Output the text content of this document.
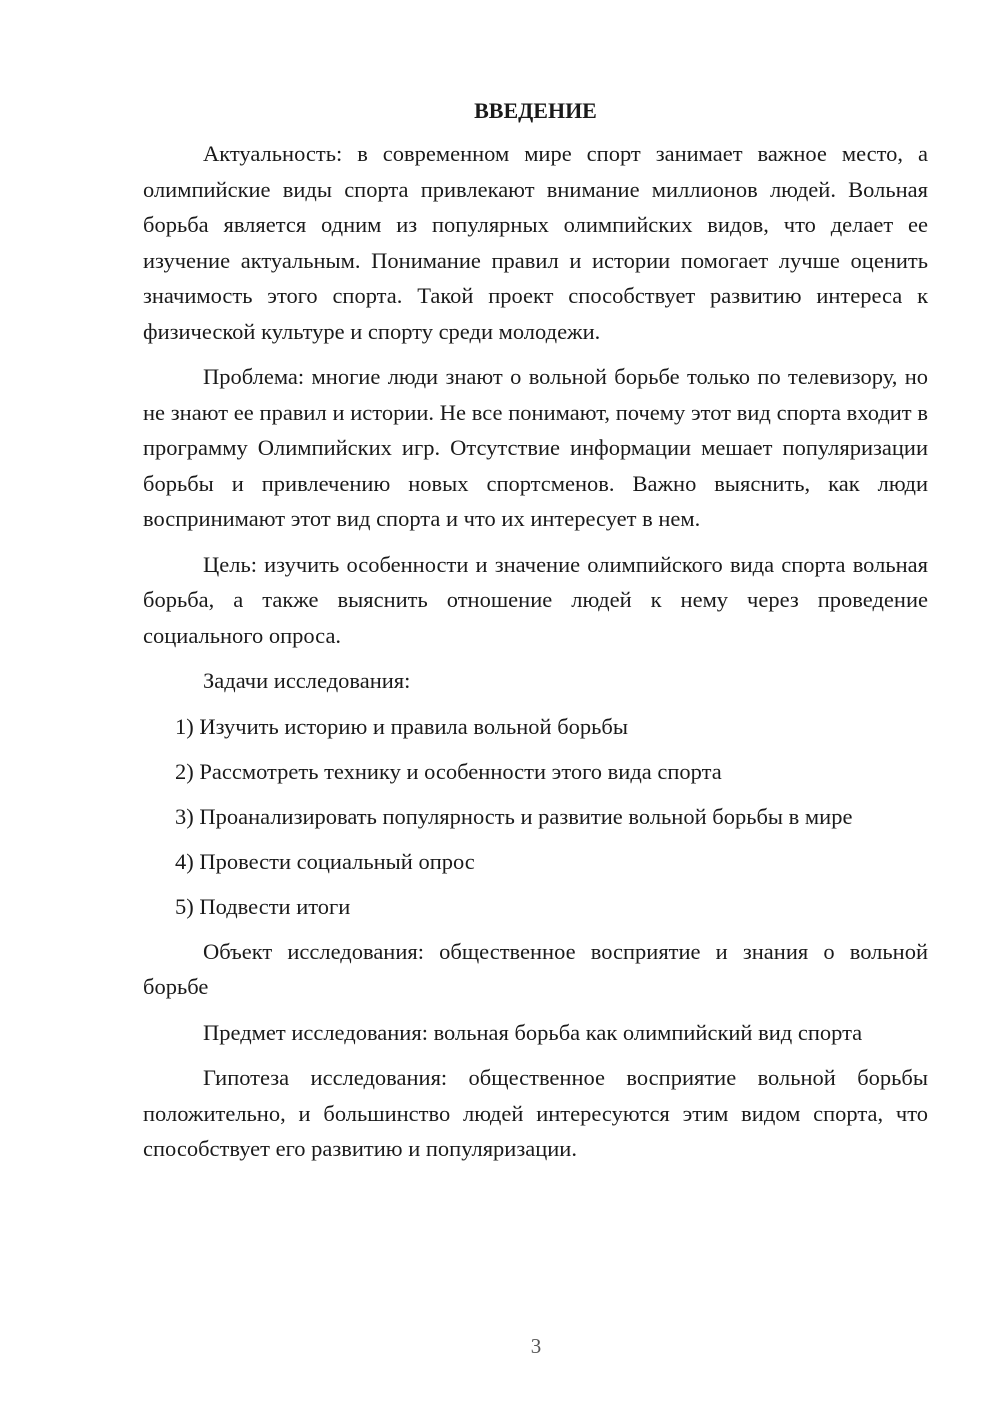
ВВЕДЕНИЕ

Актуальность: в современном мире спорт занимает важное место, а олимпийские виды спорта привлекают внимание миллионов людей. Вольная борьба является одним из популярных олимпийских видов, что делает ее изучение актуальным. Понимание правил и истории помогает лучше оценить значимость этого спорта. Такой проект способствует развитию интереса к физической культуре и спорту среди молодежи.

Проблема: многие люди знают о вольной борьбе только по телевизору, но не знают ее правил и истории. Не все понимают, почему этот вид спорта входит в программу Олимпийских игр. Отсутствие информации мешает популяризации борьбы и привлечению новых спортсменов. Важно выяснить, как люди воспринимают этот вид спорта и что их интересует в нем.

Цель: изучить особенности и значение олимпийского вида спорта вольная борьба, а также выяснить отношение людей к нему через проведение социального опроса.

Задачи исследования:

1) Изучить историю и правила вольной борьбы

2) Рассмотреть технику и особенности этого вида спорта

3) Проанализировать популярность и развитие вольной борьбы в мире

4) Провести социальный опрос

5) Подвести итоги

Объект исследования: общественное восприятие и знания о вольной борьбе

Предмет исследования: вольная борьба как олимпийский вид спорта

Гипотеза исследования: общественное восприятие вольной борьбы положительно, и большинство людей интересуются этим видом спорта, что способствует его развитию и популяризации.

3
